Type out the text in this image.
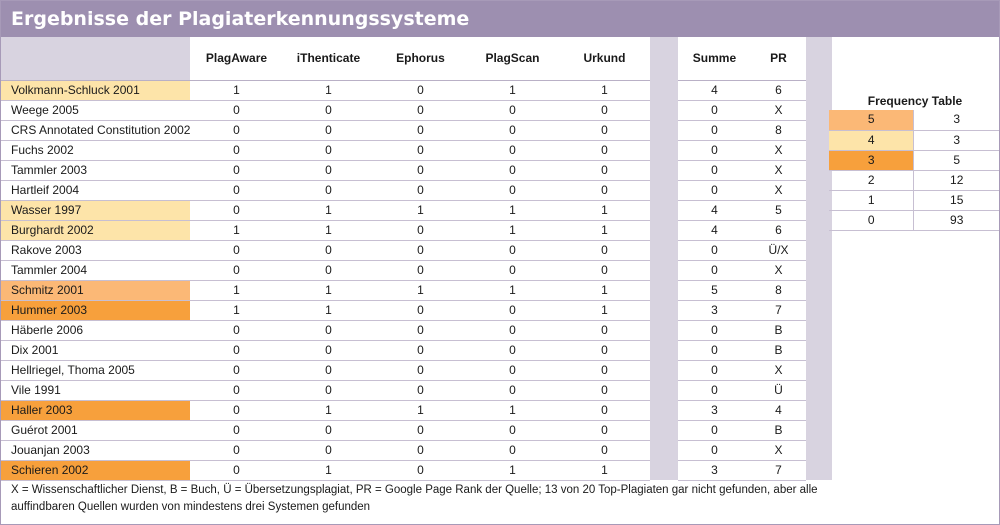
Ergebnisse der Plagiaterkennungssysteme
	PlagAware	iThenticate	Ephorus	PlagScan	Urkund		Summe	PR	
Volkmann-Schluck 2001	1	1	0	1	1		4	6	
Weege 2005	0	0	0	0	0		0	X	
CRS Annotated Constitution 2002	0	0	0	0	0		0	8	
Fuchs 2002	0	0	0	0	0		0	X	
Tammler 2003	0	0	0	0	0		0	X	
Hartleif 2004	0	0	0	0	0		0	X	
Wasser 1997	0	1	1	1	1		4	5	
Burghardt 2002	1	1	0	1	1		4	6	
Rakove 2003	0	0	0	0	0		0	Ü/X	
Tammler 2004	0	0	0	0	0		0	X	
Schmitz 2001	1	1	1	1	1		5	8	
Hummer 2003	1	1	0	0	1		3	7	
Häberle 2006	0	0	0	0	0		0	B	
Dix 2001	0	0	0	0	0		0	B	
Hellriegel, Thoma 2005	0	0	0	0	0		0	X	
Vile 1991	0	0	0	0	0		0	Ü	
Haller 2003	0	1	1	1	0		3	4	
Guérot 2001	0	0	0	0	0		0	B	
Jouanjan 2003	0	0	0	0	0		0	X	
Schieren 2002	0	1	0	1	1		3	7	
Frequency Table
5	3
4	3
3	5
2	12
1	15
0	93
X = Wissenschaftlicher Dienst, B = Buch, Ü = Übersetzungsplagiat, PR = Google Page Rank der Quelle; 13 von 20 Top-Plagiaten gar nicht gefunden, aber alle auffindbaren Quellen wurden von mindestens drei Systemen gefunden
